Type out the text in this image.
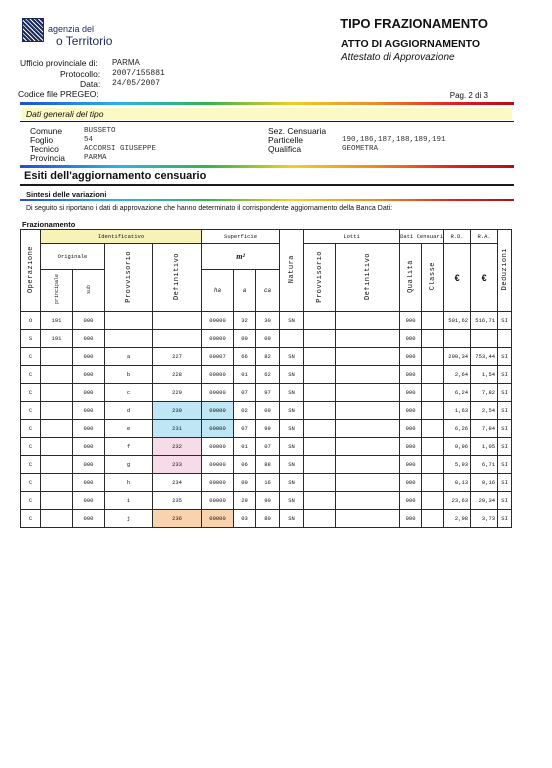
agenzia del
o Territorio
Ufficio provinciale di: PARMA
Protocollo: 2007/155881
Data: 24/05/2007
Codice file PREGEO:
TIPO FRAZIONAMENTO
ATTO DI AGGIORNAMENTO
Attestato di Approvazione
Pag. 2 di 3
Dati generali del tipo
Comune	BUSSETO
Foglio	54
Tecnico	ACCORSI GIUSEPPE
Provincia	PARMA
Sez. Censuaria
Particelle	190,186,187,188,189,191
Qualifica	GEOMETRA
Esiti dell'aggiornamento censuario
Sintesi delle variazioni
Di seguito si riportano i dati di approvazione che hanno determinato il corrispondente aggiornamento della Banca Dati:
Frazionamento
Operazione	Identificativo				Superficie			Natura	Lotti		Dati Censuari		R.D.	R.A.	Deduzioni
	Originale		Provvisorio	Definitivo	m²				Provvisorio	Definitivo	Qualità	Classe	€	€	
	principale	sub			ha	a	ca								
O	191	000			00000	32	30	SN			000		501,62	516,71	SI
S	191	000			00000	00	00				000				
C		000	a	227	00007	66	82	SN			000		200,34	753,44	SI
C		000	b	228	00000	01	62	SN			000		2,64	1,54	SI
C		000	c	229	00000	07	97	SN			000		6,24	7,82	SI
C		000	d	230	00000	02	00	SN			000		1,63	2,54	SI
C		000	e	231	00000	07	99	SN			000		6,26	7,84	SI
C		000	f	232	00000	01	07	SN			000		0,96	1,05	SI
C		000	g	233	00000	06	88	SN			000		5,93	6,71	SI
C		000	h	234	00000	00	16	SN			000		0,13	0,16	SI
C		000	i	235	00000	29	90	SN			000		23,63	29,34	SI
C		000	j	236	00000	03	80	SN			000		2,98	3,73	SI
